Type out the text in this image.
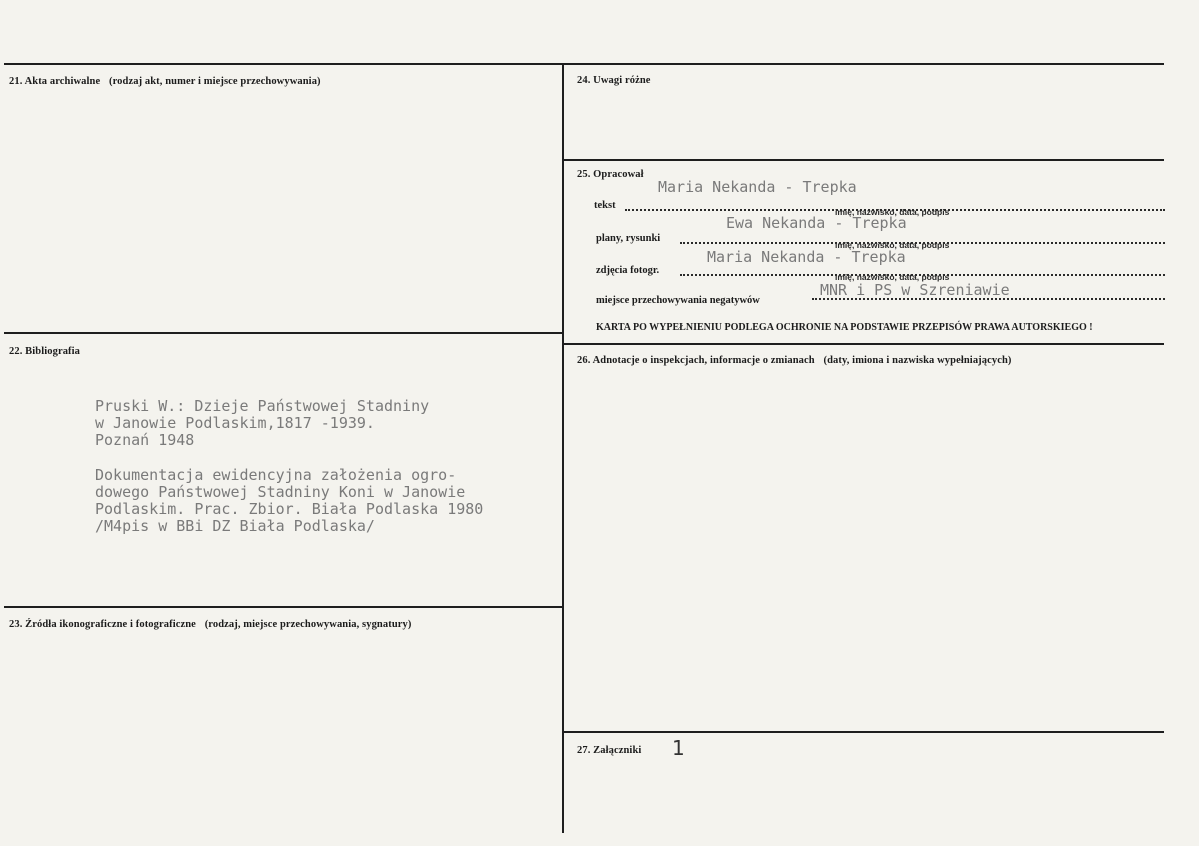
21. Akta archiwalne (rodzaj akt, numer i miejsce przechowywania)
22. Bibliografia
Pruski W.: Dzieje Państwowej Stadniny
w Janowie Podlaskim,1817 -1939.
Poznań 1948
Dokumentacja ewidencyjna założenia ogro-
dowego Państwowej Stadniny Koni w Janowie
Podlaskim. Prac. Zbior. Biała Podlaska 1980
/M4pis w BBi DZ Biała Podlaska/
23. Źródła ikonograficzne i fotograficzne (rodzaj, miejsce przechowywania, sygnatury)
24. Uwagi różne
25. Opracował
Maria Nekanda - Trepka
tekst
imię, nazwisko, data, podpis
Ewa Nekanda - Trepka
plany, rysunki
imię, nazwisko, data, podpis
Maria Nekanda - Trepka
zdjęcia fotogr.
imię, nazwisko, data, podpis
MNR i PS w Szreniawie
miejsce przechowywania negatywów
KARTA PO WYPEŁNIENIU PODLEGA OCHRONIE NA PODSTAWIE PRZEPISÓW PRAWA AUTORSKIEGO !
26. Adnotacje o inspekcjach, informacje o zmianach (daty, imiona i nazwiska wypełniających)
27. Załączniki 1
